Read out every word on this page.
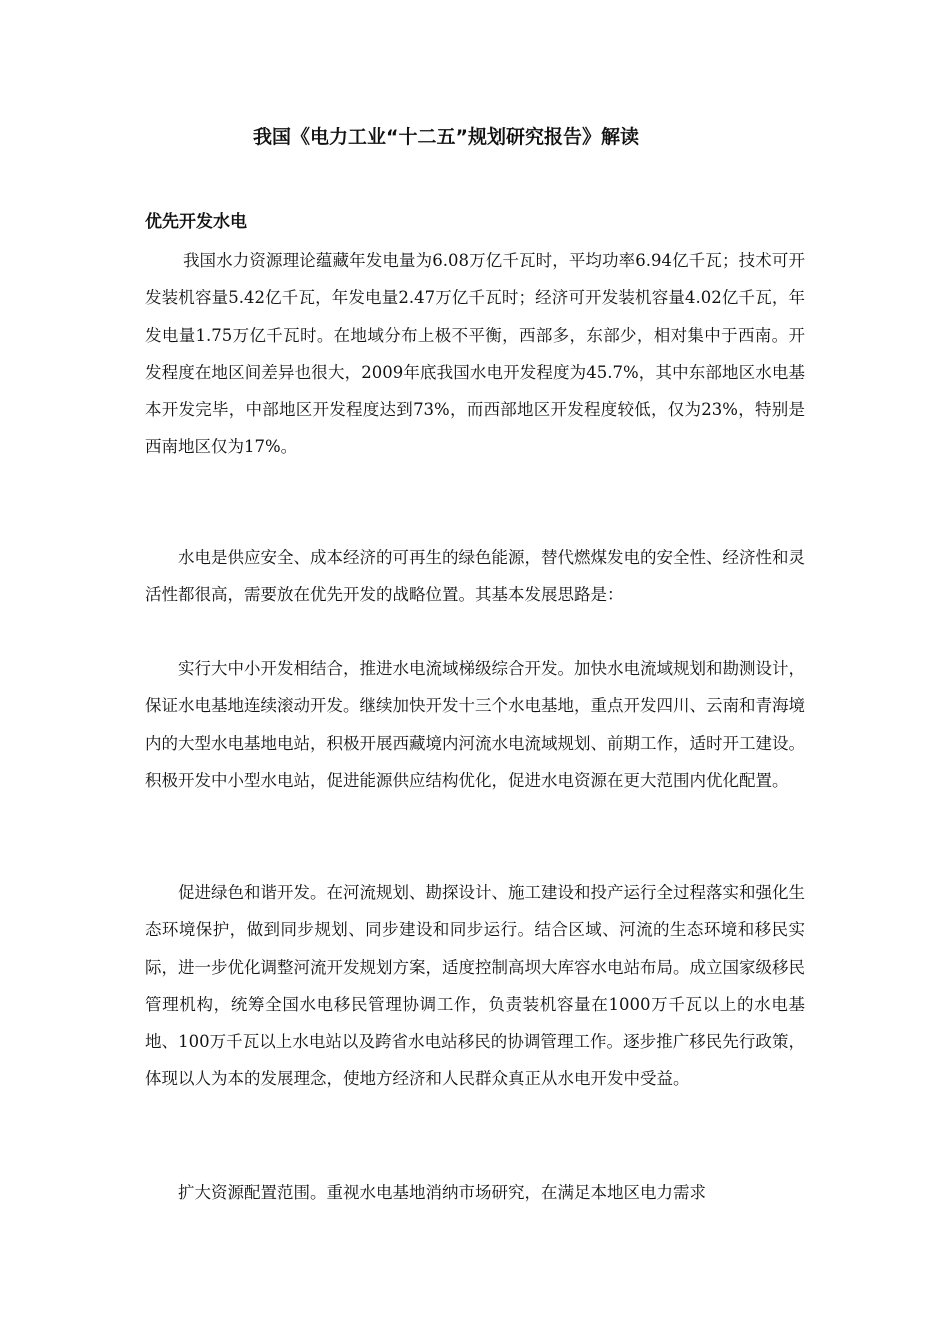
我国《电力工业“十二五”规划研究报告》解读
优先开发水电

我国水力资源理论蕴藏年发电量为6.08万亿千瓦时，平均功率6.94亿千瓦；技术可开发装机容量5.42亿千瓦，年发电量2.47万亿千瓦时；经济可开发装机容量4.02亿千瓦，年发电量1.75万亿千瓦时。在地域分布上极不平衡，西部多，东部少，相对集中于西南。开发程度在地区间差异也很大，2009年底我国水电开发程度为45.7%，其中东部地区水电基本开发完毕，中部地区开发程度达到73%，而西部地区开发程度较低，仅为23%，特别是西南地区仅为17%。

水电是供应安全、成本经济的可再生的绿色能源，替代燃煤发电的安全性、经济性和灵活性都很高，需要放在优先开发的战略位置。其基本发展思路是：

实行大中小开发相结合，推进水电流域梯级综合开发。加快水电流域规划和勘测设计，保证水电基地连续滚动开发。继续加快开发十三个水电基地，重点开发四川、云南和青海境内的大型水电基地电站，积极开展西藏境内河流水电流域规划、前期工作，适时开工建设。积极开发中小型水电站，促进能源供应结构优化，促进水电资源在更大范围内优化配置。

促进绿色和谐开发。在河流规划、勘探设计、施工建设和投产运行全过程落实和强化生态环境保护，做到同步规划、同步建设和同步运行。结合区域、河流的生态环境和移民实际，进一步优化调整河流开发规划方案，适度控制高坝大库容水电站布局。成立国家级移民管理机构，统筹全国水电移民管理协调工作，负责装机容量在1000万千瓦以上的水电基地、100万千瓦以上水电站以及跨省水电站移民的协调管理工作。逐步推广移民先行政策，体现以人为本的发展理念，使地方经济和人民群众真正从水电开发中受益。

扩大资源配置范围。重视水电基地消纳市场研究，在满足本地区电力需求
